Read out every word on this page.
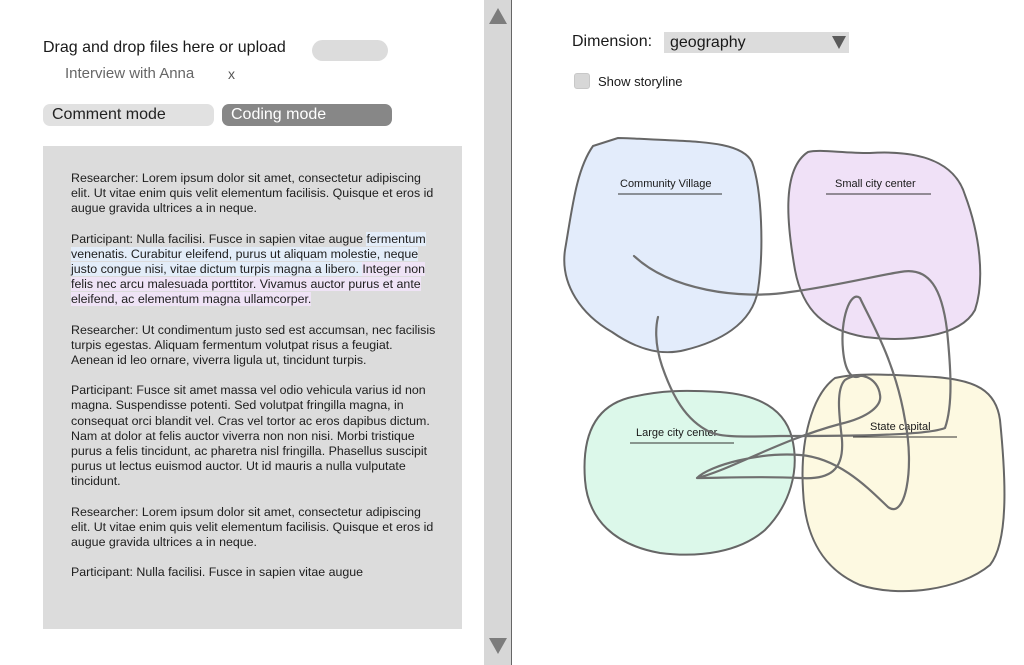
Drag and drop files here or upload
Interview with Anna x
Comment mode	Coding mode

Researcher: Lorem ipsum dolor sit amet, consectetur adipiscing elit. Ut vitae enim quis velit elementum facilisis. Quisque et eros id augue gravida ultrices a in neque.

Participant: Nulla facilisi. Fusce in sapien vitae augue fermentum venenatis. Curabitur eleifend, purus ut aliquam molestie, neque justo congue nisi, vitae dictum turpis magna a libero. Integer non felis nec arcu malesuada porttitor. Vivamus auctor purus et ante eleifend, ac elementum magna ullamcorper.

Researcher: Ut condimentum justo sed est accumsan, nec facilisis turpis egestas. Aliquam fermentum volutpat risus a feugiat. Aenean id leo ornare, viverra ligula ut, tincidunt turpis.

Participant: Fusce sit amet massa vel odio vehicula varius id non magna. Suspendisse potenti. Sed volutpat fringilla magna, in consequat orci blandit vel. Cras vel tortor ac eros dapibus dictum. Nam at dolor at felis auctor viverra non non nisi. Morbi tristique purus a felis tincidunt, ac pharetra nisl fringilla. Phasellus suscipit purus ut lectus euismod auctor. Ut id mauris a nulla vulputate tincidunt.

Researcher: Lorem ipsum dolor sit amet, consectetur adipiscing elit. Ut vitae enim quis velit elementum facilisis. Quisque et eros id augue gravida ultrices a in neque.

Participant: Nulla facilisi. Fusce in sapien vitae augue

Dimension:	geography
Show storyline
Community Village	Small city center
Large city center	State capital
